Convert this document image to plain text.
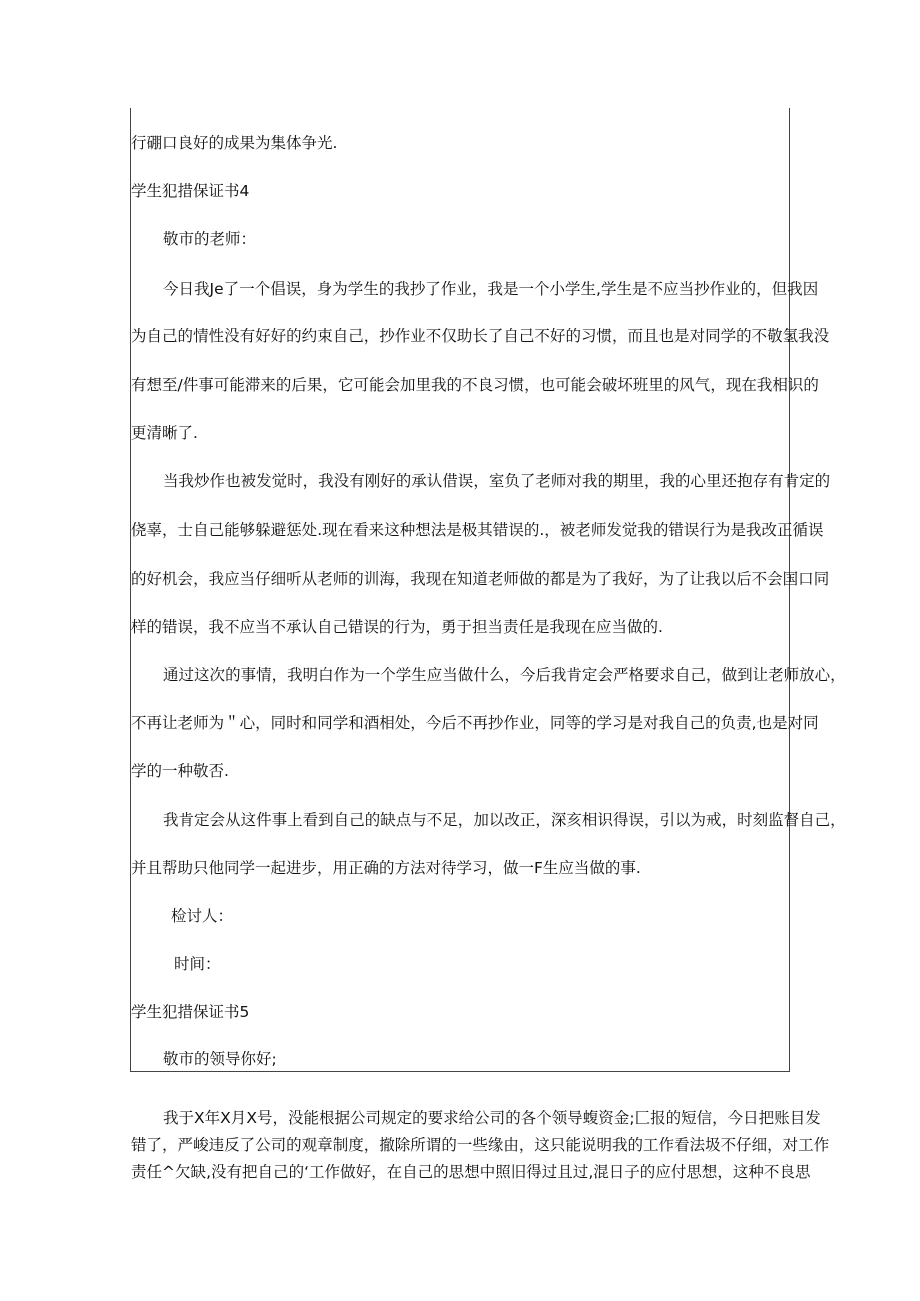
行硼口良好的成果为集体争光.
学生犯措保证书4
敬市的老师：
今 日 我 J e 了 一 个 倡 误 ， 身 为 学 生 的 我 抄 了 作 业 ， 我 是 一 个 小 学 生 , 学 生 是 不 应 当 抄 作 业 的 ， 但 我 因
为 自 己 的 情 性 没 有 好 好 的 约 束 自 己 ， 抄 作 业 不 仅 助 长 了 自 己 不 好 的 习 惯 ， 而 且 也 是 对 同 学 的 不 敬 氢 我 没
有 想 至 / 件 事 可 能 滞 来 的 后 果 ， 它 可 能 会 加 里 我 的 不 良 习 惯 ， 也 可 能 会 破 坏 班 里 的 风 气 ， 现 在 我 相 识 的
更清晰了.
当 我 炒 作 也 被 发 觉 时 ， 我 没 有 刚 好 的 承 认 借 误 ， 室 负 了 老 师 对 我 的 期 里 ， 我 的 心 里 还 抱 存 有 肯 定 的
侥 辜 ， 士 自 己 能 够 躲 避 惩 处 . 现 在 看 来 这 种 想 法 是 极 其 错 误 的 . ， 被 老 师 发 觉 我 的 错 误 行 为 是 我 改 正 循 误
的 好 机 会 ， 我 应 当 仔 细 听 从 老 师 的 训 海 ， 我 现 在 知 道 老 师 做 的 都 是 为 了 我 好 ， 为 了 让 我 以 后 不 会 国 口 同
样的错误，我不应当不承认自己错误的行为，勇于担当责任是我现在应当做的.
通 过 这 次 的 事 情 ， 我 明 白 作 为 一 个 学 生 应 当 做 什 么 ， 今 后 我 肯 定 会 严 格 要 求 自 己 ， 做 到 让 老 师 放 心 ，
不 再 让 老 师 为 ＂ 心 ， 同 时 和 同 学 和 酒 相 处 ， 今 后 不 再 抄 作 业 ， 同 等 的 学 习 是 对 我 自 己 的 负 责 , 也 是 对 同
学的一种敬否.
我 肯 定 会 从 这 件 事 上 看 到 自 己 的 缺 点 与 不 足 ， 加 以 改 正 ， 深 亥 相 识 得 误 ， 引 以 为 戒 ， 时 刻 监 督 自 己 ，
并且帮助只他同学一起进步，用正确的方法对待学习，做一F生应当做的事.
检讨人：
时间：
学生犯措保证书5
敬市的领导你好;
我 于 X 年 X 月 X 号 ， 没 能 根 据 公 司 规 定 的 要 求 给 公 司 的 各 个 领 导 蝮 资 金 ; 匚 报 的 短 信 ， 今 日 把 账 目 发
错 了 ， 严 峻 违 反 了 公 司 的 观 章 制 度 ， 撤 除 所 谓 的 一 些 缘 由 ， 这 只 能 说 明 我 的 工 作 看 法 圾 不 仔 细 ， 对 工 作
责 任 ^ 欠 缺 , 没 有 把 自 己 的 ‘ 工 作 做 好 ， 在 自 己 的 思 想 中 照 旧 得 过 且 过 , 混 日 子 的 应 付 思 想 ， 这 种 不 良 思
